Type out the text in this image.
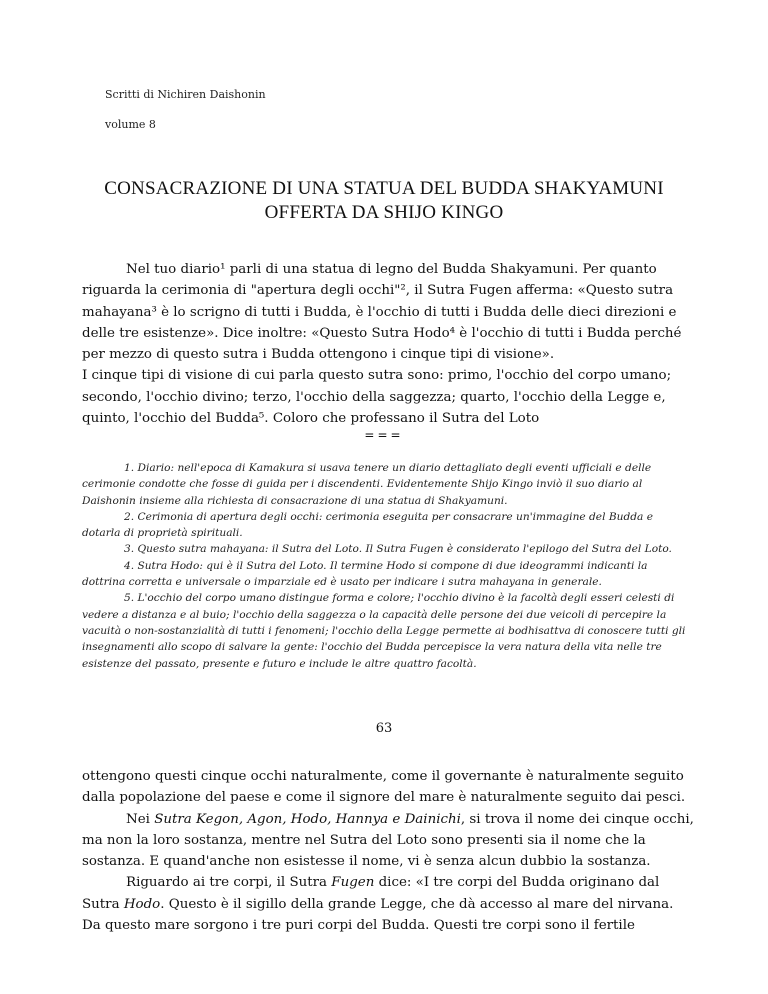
Scritti di Nichiren Daishonin
volume 8
CONSACRAZIONE DI UNA STATUA DEL BUDDA SHAKYAMUNI
OFFERTA DA SHIJO KINGO

Nel tuo diario¹ parli di una statua di legno del Budda Shakyamuni. Per quanto riguarda la cerimonia di "apertura degli occhi"², il Sutra Fugen afferma: «Questo sutra mahayana³ è lo scrigno di tutti i Budda, è l'occhio di tutti i Budda delle dieci direzioni e delle tre esistenze». Dice inoltre: «Questo Sutra Hodo⁴ è l'occhio di tutti i Budda perché per mezzo di questo sutra i Budda ottengono i cinque tipi di visione».

I cinque tipi di visione di cui parla questo sutra sono: primo, l'occhio del corpo umano; secondo, l'occhio divino; terzo, l'occhio della saggezza; quarto, l'occhio della Legge e, quinto, l'occhio del Budda⁵. Coloro che professano il Sutra del Loto

===

1. Diario: nell'epoca di Kamakura si usava tenere un diario dettagliato degli eventi ufficiali e delle cerimonie condotte che fosse di guida per i discendenti. Evidentemente Shijo Kingo inviò il suo diario al Daishonin insieme alla richiesta di consacrazione di una statua di Shakyamuni.

2. Cerimonia di apertura degli occhi: cerimonia eseguita per consacrare un'immagine del Budda e dotarla di proprietà spirituali.

3. Questo sutra mahayana: il Sutra del Loto. Il Sutra Fugen è considerato l'epilogo del Sutra del Loto.

4. Sutra Hodo: qui è il Sutra del Loto. Il termine Hodo si compone di due ideogrammi indicanti la dottrina corretta e universale o imparziale ed è usato per indicare i sutra mahayana in generale.

5. L'occhio del corpo umano distingue forma e colore; l'occhio divino è la facoltà degli esseri celesti di vedere a distanza e al buio; l'occhio della saggezza o la capacità delle persone dei due veicoli di percepire la vacuità o non-sostanzialità di tutti i fenomeni; l'occhio della Legge permette ai bodhisattva di conoscere tutti gli insegnamenti allo scopo di salvare la gente: l'occhio del Budda percepisce la vera natura della vita nelle tre esistenze del passato, presente e futuro e include le altre quattro facoltà.

63

ottengono questi cinque occhi naturalmente, come il governante è naturalmente seguito dalla popolazione del paese e come il signore del mare è naturalmente seguito dai pesci.

Nei Sutra Kegon, Agon, Hodo, Hannya e Dainichi, si trova il nome dei cinque occhi, ma non la loro sostanza, mentre nel Sutra del Loto sono presenti sia il nome che la sostanza. E quand'anche non esistesse il nome, vi è senza alcun dubbio la sostanza.

Riguardo ai tre corpi, il Sutra Fugen dice: «I tre corpi del Budda originano dal Sutra Hodo. Questo è il sigillo della grande Legge, che dà accesso al mare del nirvana. Da questo mare sorgono i tre puri corpi del Budda. Questi tre corpi sono il fertile
